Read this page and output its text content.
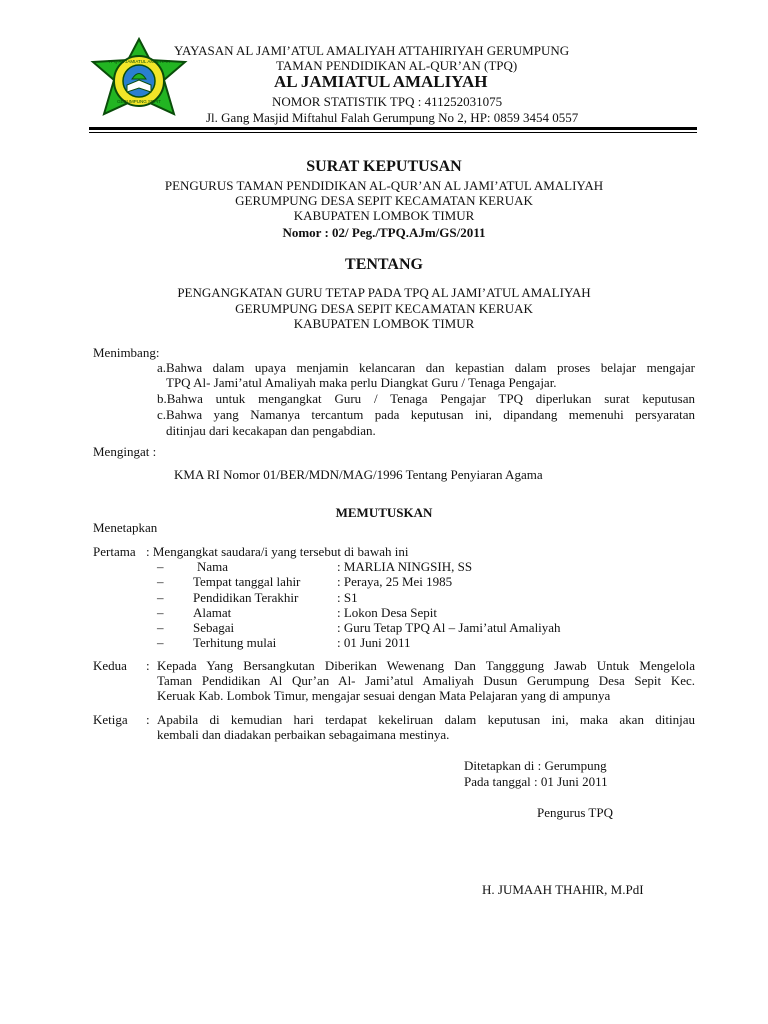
TPQ AL JAMIATUL AMALIYAH
GERUMPUNG SEPIT
YAYASAN AL JAMI’ATUL AMALIYAH ATTAHIRIYAH GERUMPUNG
TAMAN PENDIDIKAN AL-QUR’AN (TPQ)
AL JAMIATUL AMALIYAH
NOMOR STATISTIK TPQ : 411252031075
Jl. Gang Masjid Miftahul Falah Gerumpung No 2, HP: 0859 3454 0557
SURAT KEPUTUSAN
PENGURUS TAMAN PENDIDIKAN AL-QUR’AN AL JAMI’ATUL AMALIYAH
GERUMPUNG DESA SEPIT KECAMATAN KERUAK
KABUPATEN LOMBOK TIMUR
Nomor : 02/ Peg./TPQ.AJm/GS/2011
TENTANG
PENGANGKATAN GURU TETAP PADA TPQ AL JAMI’ATUL AMALIYAH
GERUMPUNG DESA SEPIT KECAMATAN KERUAK
KABUPATEN LOMBOK TIMUR
Menimbang:
a.Bahwa dalam upaya menjamin kelancaran dan kepastian dalam proses belajar mengajar
TPQ Al- Jami’atul Amaliyah maka perlu Diangkat Guru / Tenaga Pengajar.
b.Bahwa untuk mengangkat Guru / Tenaga Pengajar TPQ diperlukan surat keputusan
c.Bahwa yang Namanya tercantum pada keputusan ini, dipandang memenuhi persyaratan
ditinjau dari kecakapan dan pengabdian.
Mengingat :
KMA RI Nomor 01/BER/MDN/MAG/1996 Tentang Penyiaran Agama
MEMUTUSKAN
Menetapkan
Pertama : Mengangkat saudara/i yang tersebut di bawah ini
–	Nama	: MARLIA NINGSIH, SS
– Tempat tanggal lahir	: Peraya, 25 Mei 1985
– Pendidikan Terakhir	: S1
– Alamat	: Lokon Desa Sepit
– Sebagai	: Guru Tetap TPQ Al – Jami’atul Amaliyah
– Terhitung mulai	: 01 Juni 2011
Kedua : Kepada Yang Bersangkutan Diberikan Wewenang Dan Tangggung Jawab Untuk Mengelola
Taman Pendidikan Al Qur’an Al- Jami’atul Amaliyah Dusun Gerumpung Desa Sepit Kec.
Keruak Kab. Lombok Timur, mengajar sesuai dengan Mata Pelajaran yang di ampunya
Ketiga : Apabila di kemudian hari terdapat kekeliruan dalam keputusan ini, maka akan ditinjau
kembali dan diadakan perbaikan sebagaimana mestinya.
Ditetapkan di : Gerumpung
Pada tanggal : 01 Juni 2011
Pengurus TPQ
H. JUMAAH THAHIR, M.PdI
